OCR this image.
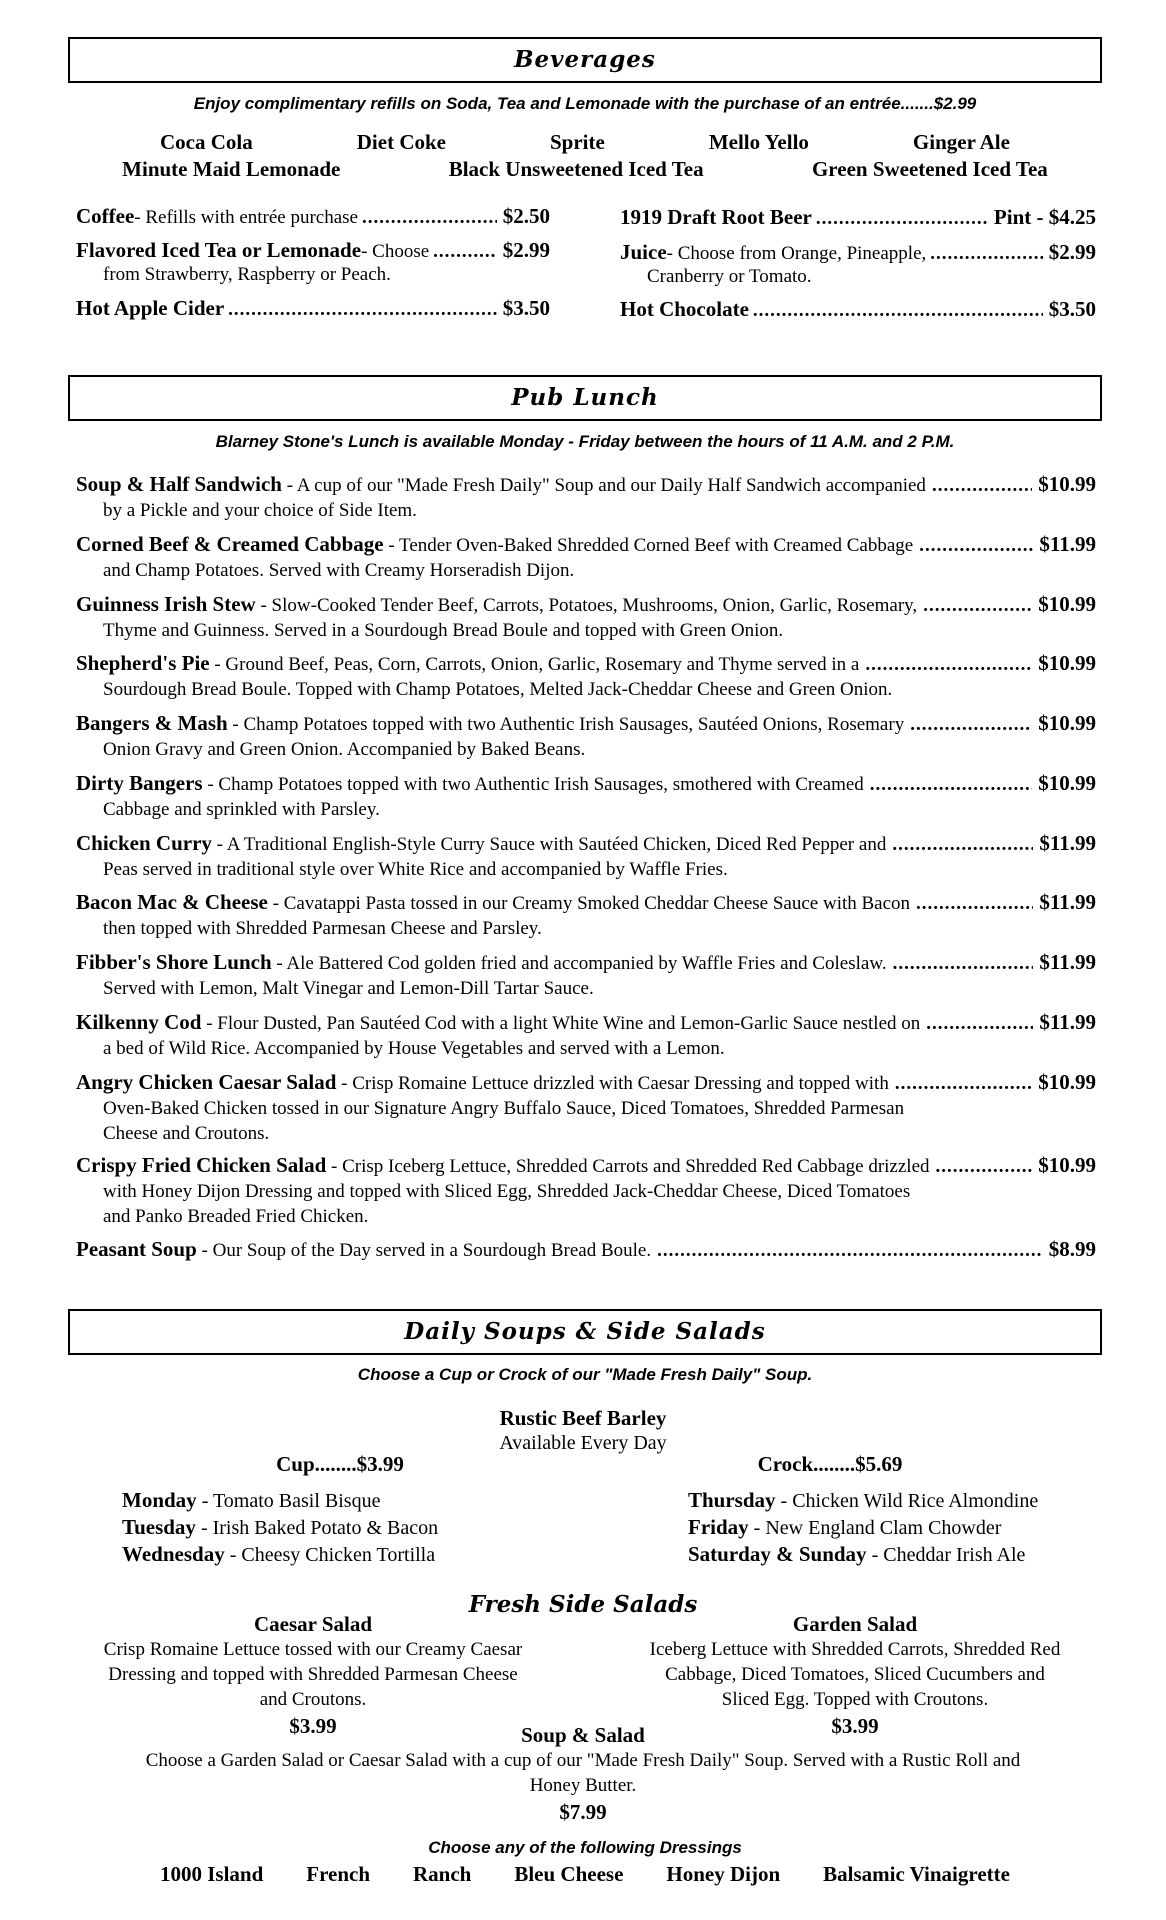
Beverages
Enjoy complimentary refills on Soda, Tea and Lemonade with the purchase of an entrée.......$2.99
Coca Cola	Diet Coke	Sprite	Mello Yello	Ginger Ale
Minute Maid Lemonade	Black Unsweetened Iced Tea	Green Sweetened Iced Tea
Coffee - Refills with entrée purchase .....	$2.50
Flavored Iced Tea or Lemonade - Choose .....	$2.99
from Strawberry, Raspberry or Peach.
Hot Apple Cider .....	$3.50
1919 Draft Root Beer .....	Pint - $4.25
Juice - Choose from Orange, Pineapple, .....	$2.99
Cranberry or Tomato.
Hot Chocolate .....	$3.50
Pub Lunch
Blarney Stone's Lunch is available Monday - Friday between the hours of 11 A.M. and 2 P.M.
Soup & Half Sandwich - A cup of our "Made Fresh Daily" Soup and our Daily Half Sandwich accompanied .....	$10.99
by a Pickle and your choice of Side Item.
Corned Beef & Creamed Cabbage - Tender Oven-Baked Shredded Corned Beef with Creamed Cabbage .....	$11.99
and Champ Potatoes. Served with Creamy Horseradish Dijon.
Guinness Irish Stew - Slow-Cooked Tender Beef, Carrots, Potatoes, Mushrooms, Onion, Garlic, Rosemary, .....	$10.99
Thyme and Guinness. Served in a Sourdough Bread Boule and topped with Green Onion.
Shepherd's Pie - Ground Beef, Peas, Corn, Carrots, Onion, Garlic, Rosemary and Thyme served in a .....	$10.99
Sourdough Bread Boule. Topped with Champ Potatoes, Melted Jack-Cheddar Cheese and Green Onion.
Bangers & Mash - Champ Potatoes topped with two Authentic Irish Sausages, Sautéed Onions, Rosemary .....	$10.99
Onion Gravy and Green Onion. Accompanied by Baked Beans.
Dirty Bangers - Champ Potatoes topped with two Authentic Irish Sausages, smothered with Creamed .....	$10.99
Cabbage and sprinkled with Parsley.
Chicken Curry - A Traditional English-Style Curry Sauce with Sautéed Chicken, Diced Red Pepper and .....	$11.99
Peas served in traditional style over White Rice and accompanied by Waffle Fries.
Bacon Mac & Cheese - Cavatappi Pasta tossed in our Creamy Smoked Cheddar Cheese Sauce with Bacon .....	$11.99
then topped with Shredded Parmesan Cheese and Parsley.
Fibber's Shore Lunch - Ale Battered Cod golden fried and accompanied by Waffle Fries and Coleslaw. .....	$11.99
Served with Lemon, Malt Vinegar and Lemon-Dill Tartar Sauce.
Kilkenny Cod - Flour Dusted, Pan Sautéed Cod with a light White Wine and Lemon-Garlic Sauce nestled on .....	$11.99
a bed of Wild Rice. Accompanied by House Vegetables and served with a Lemon.
Angry Chicken Caesar Salad - Crisp Romaine Lettuce drizzled with Caesar Dressing and topped with .....	$10.99
Oven-Baked Chicken tossed in our Signature Angry Buffalo Sauce, Diced Tomatoes, Shredded Parmesan
Cheese and Croutons.
Crispy Fried Chicken Salad - Crisp Iceberg Lettuce, Shredded Carrots and Shredded Red Cabbage drizzled .....	$10.99
with Honey Dijon Dressing and topped with Sliced Egg, Shredded Jack-Cheddar Cheese, Diced Tomatoes
and Panko Breaded Fried Chicken.
Peasant Soup - Our Soup of the Day served in a Sourdough Bread Boule. .....	$8.99
Daily Soups & Side Salads
Choose a Cup or Crock of our "Made Fresh Daily" Soup.
Rustic Beef Barley
Available Every Day
Cup........$3.99	Crock........$5.69
Monday - Tomato Basil Bisque
Tuesday - Irish Baked Potato & Bacon
Wednesday - Cheesy Chicken Tortilla
Thursday - Chicken Wild Rice Almondine
Friday - New England Clam Chowder
Saturday & Sunday - Cheddar Irish Ale
Fresh Side Salads
Caesar Salad
Crisp Romaine Lettuce tossed with our Creamy Caesar
Dressing and topped with Shredded Parmesan Cheese
and Croutons.
$3.99
Garden Salad
Iceberg Lettuce with Shredded Carrots, Shredded Red
Cabbage, Diced Tomatoes, Sliced Cucumbers and
Sliced Egg. Topped with Croutons.
$3.99
Soup & Salad
Choose a Garden Salad or Caesar Salad with a cup of our "Made Fresh Daily" Soup. Served with a Rustic Roll and
Honey Butter.
$7.99
Choose any of the following Dressings
1000 Island French Ranch Bleu Cheese Honey Dijon Balsamic Vinaigrette
